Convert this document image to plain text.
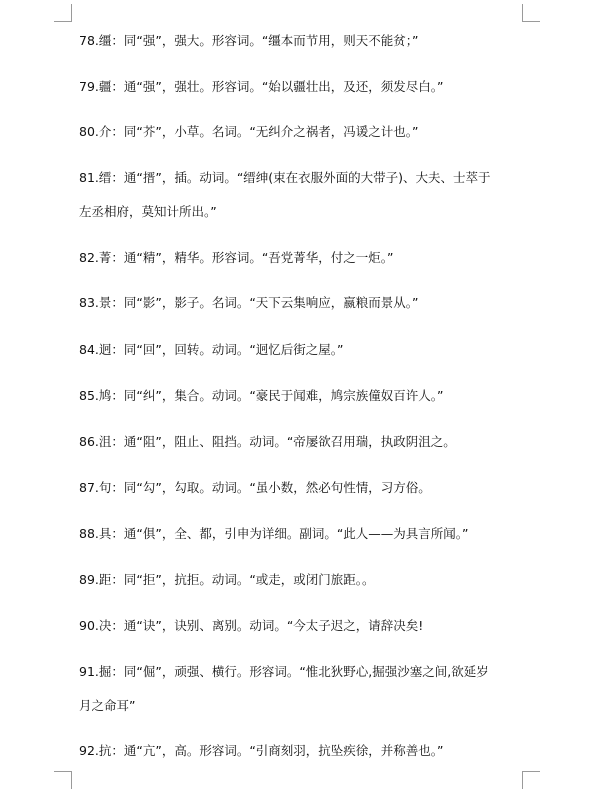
78.缰：同“强”，强大。形容词。“缰本而节用，则天不能贫；”
79.疆：通“强”，强壮。形容词。“始以疆壮出，及还，须发尽白。”
80.介：同“芥”，小草。名词。“无纠介之祸者，冯谖之计也。”
81.缙：通“搢”，插。动词。“缙绅(束在衣服外面的大带子)、大夫、士萃于
左丞相府，莫知计所出。”
82.菁：通“精”，精华。形容词。“吾党菁华，付之一炬。”
83.景：同“影”，影子。名词。“天下云集响应，嬴粮而景从。”
84.迥：同“回”，回转。动词。“迥忆后街之屋。”
85.鸠：同“纠”，集合。动词。“豪民于闻难，鸠宗族僮奴百许人。”
86.沮：通“阻”，阻止、阻挡。动词。“帝屡欲召用瑞，执政阴沮之。
87.句：同“勾”，勾取。动词。“虽小数，然必句性情，习方俗。
88.具：通“俱”，全、都，引申为详细。副词。“此人——为具言所闻。”
89.距：同“拒”，抗拒。动词。“或走，或闭门旅距。。
90.决：通“诀”，诀别、离别。动词。“今太子迟之，请辞决矣!
91.掘：同“倔”，顽强、横行。形容词。“惟北狄野心,掘强沙塞之间,欲延岁
月之命耳”
92.抗：通“亢”，高。形容词。“引商刻羽，抗坠疾徐，并称善也。”
